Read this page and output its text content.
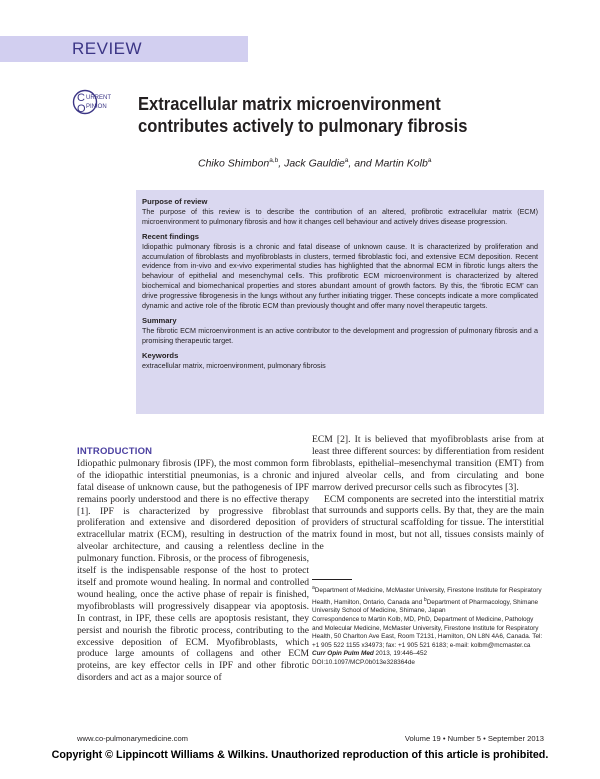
REVIEW
C
O
URRENT
PINION Extracellular matrix microenvironment contributes actively to pulmonary fibrosis
Chiko Shimbon$^{a,b}$, Jack Gauldie$^a$, and Martin Kolb$^a$

Purpose of review

The purpose of this review is to describe the contribution of an altered, profibrotic extracellular matrix (ECM) microenvironment to pulmonary fibrosis and how it changes cell behaviour and actively drives disease progression.

Recent findings

Idiopathic pulmonary fibrosis is a chronic and fatal disease of unknown cause. It is characterized by proliferation and accumulation of fibroblasts and myofibroblasts in clusters, termed fibroblastic foci, and extensive ECM deposition. Recent evidence from in-vivo and ex-vivo experimental studies has highlighted that the abnormal ECM in fibrotic lungs alters the behaviour of epithelial and mesenchymal cells. This profibrotic ECM microenvironment is characterized by altered biochemical and biomechanical properties and stores abundant amount of growth factors. By this, the ‘fibrotic ECM’ can drive progressive fibrogenesis in the lungs without any further initiating trigger. These concepts indicate a more complicated dynamic and active role of the fibrotic ECM than previously thought and offer many novel therapeutic targets.

Summary

The fibrotic ECM microenvironment is an active contributor to the development and progression of pulmonary fibrosis and a promising therapeutic target.

Keywords

extracellular matrix, microenvironment, pulmonary fibrosis

INTRODUCTION

Idiopathic pulmonary fibrosis (IPF), the most common form of the idiopathic interstitial pneumonias, is a chronic and fatal disease of unknown cause, but the pathogenesis of IPF remains poorly understood and there is no effective therapy [1]. IPF is characterized by progressive fibroblast proliferation and extensive and disordered deposition of extracellular matrix (ECM), resulting in destruction of the alveolar architecture, and causing a relentless decline in pulmonary function. Fibrosis, or the process of fibrogenesis, itself is the indispensable response of the host to protect itself and promote wound healing. In normal and controlled wound healing, once the active phase of repair is finished, myofibroblasts will progressively disappear via apoptosis. In contrast, in IPF, these cells are apoptosis resistant, they persist and nourish the fibrotic process, contributing to the excessive deposition of ECM. Myofibroblasts, which produce large amounts of collagens and other ECM proteins, are key effector cells in IPF and other fibrotic disorders and act as a major source of

ECM [2]. It is believed that myofibroblasts arise from at least three different sources: by differentiation from resident fibroblasts, epithelial–mesenchymal transition (EMT) from injured alveolar cells, and from circulating and bone marrow derived precursor cells such as fibrocytes [3].

ECM components are secreted into the interstitial matrix that surrounds and supports cells. By that, they are the main providers of structural scaffolding for tissue. The interstitial matrix found in most, but not all, tissues consists mainly of the

$^a$Department of Medicine, McMaster University, Firestone Institute for Respiratory Health, Hamilton, Ontario, Canada and $^b$Department of Pharmacology, Shimane University School of Medicine, Shimane, Japan

Correspondence to Martin Kolb, MD, PhD, Department of Medicine, Pathology and Molecular Medicine, McMaster University, Firestone Institute for Respiratory Health, 50 Charlton Ave East, Room T2131, Hamilton, ON L8N 4A6, Canada. Tel: +1 905 522 1155 x34973; fax: +1 905 521 6183; e-mail: kolbm@mcmaster.ca

Curr Opin Pulm Med 2013, 19:446–452

DOI:10.1097/MCP.0b013e328364de

www.co-pulmonarymedicine.com	Volume 19 • Number 5 • September 2013
Copyright © Lippincott Williams & Wilkins. Unauthorized reproduction of this article is prohibited.
